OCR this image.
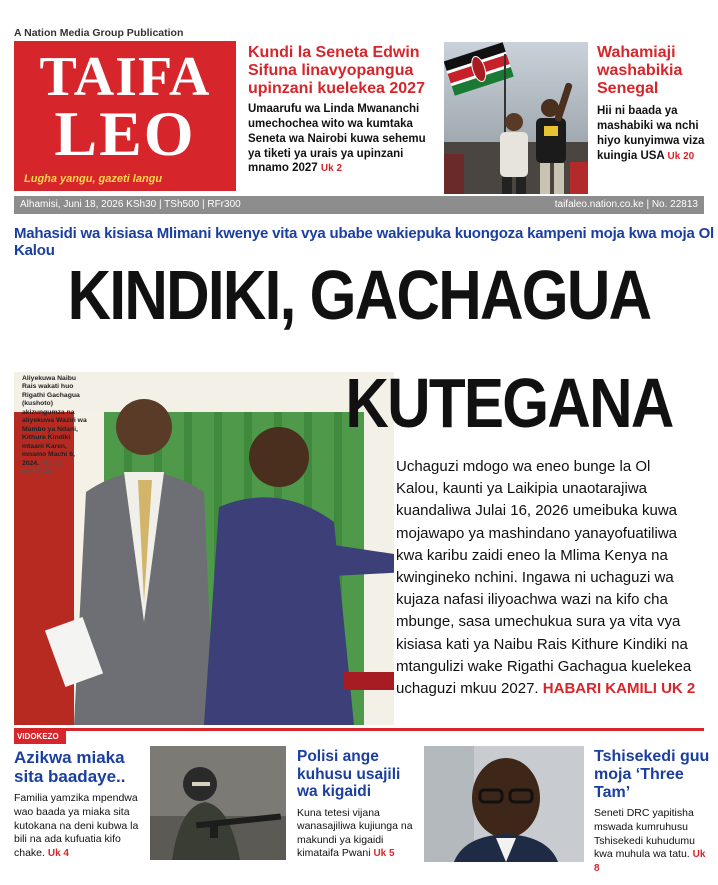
A Nation Media Group Publication
TAIFA
LEO
Lugha yangu, gazeti langu
Kundi la Seneta Edwin Sifuna linavyopangua upinzani kuelekea 2027
Umaarufu wa Linda Mwananchi umechochea wito wa kumtaka Seneta wa Nairobi kuwa sehemu ya tiketi ya urais ya upinzani mnamo 2027 Uk 2
Wahamiaji washabikia Senegal
Hii ni baada ya mashabiki wa nchi hiyo kunyimwa viza kuingia USA Uk 20
Alhamisi, Juni 18, 2026 KSh30 | TSh500 | RFr300	taifaleo.nation.co.ke | No. 22813
Mahasidi wa kisiasa Mlimani kwenye vita vya ubabe wakiepuka kuongoza kampeni moja kwa moja Ol Kalou
Aliyekuwa Naibu Rais wakati huo Rigathi Gachagua (kushoto) akizungumza na aliyekuwa Waziri wa Mambo ya Ndani, Kithure Kindiki mtaani Karen, mnamo Machi 6, 2024. Picha | MAKTABA
KINDIKI, GACHAGUA
KUTEGANA
Uchaguzi mdogo wa eneo bunge la Ol Kalou, kaunti ya Laikipia unaotarajiwa kuandaliwa Julai 16, 2026 umeibuka kuwa mojawapo ya mashindano yanayofuatiliwa kwa karibu zaidi eneo la Mlima Kenya na kwingineko nchini. Ingawa ni uchaguzi wa kujaza nafasi iliyoachwa wazi na kifo cha mbunge, sasa umechukua sura ya vita vya kisiasa kati ya Naibu Rais Kithure Kindiki na mtangulizi wake Rigathi Gachagua kuelekea uchaguzi mkuu 2027. HABARI KAMILI UK 2
VIDOKEZO
Azikwa miaka sita baadaye..
Familia yamzika mpendwa wao baada ya miaka sita kutokana na deni kubwa la bili na ada kufuatia kifo chake. Uk 4
Polisi ange kuhusu usajili wa kigaidi
Kuna tetesi vijana wanasajiliwa kujiunga na makundi ya kigaidi kimataifa Pwani Uk 5
Tshisekedi guu moja ‘Three Tam’
Seneti DRC yapitisha mswada kumruhusu Tshisekedi kuhudumu kwa muhula wa tatu. Uk 8
